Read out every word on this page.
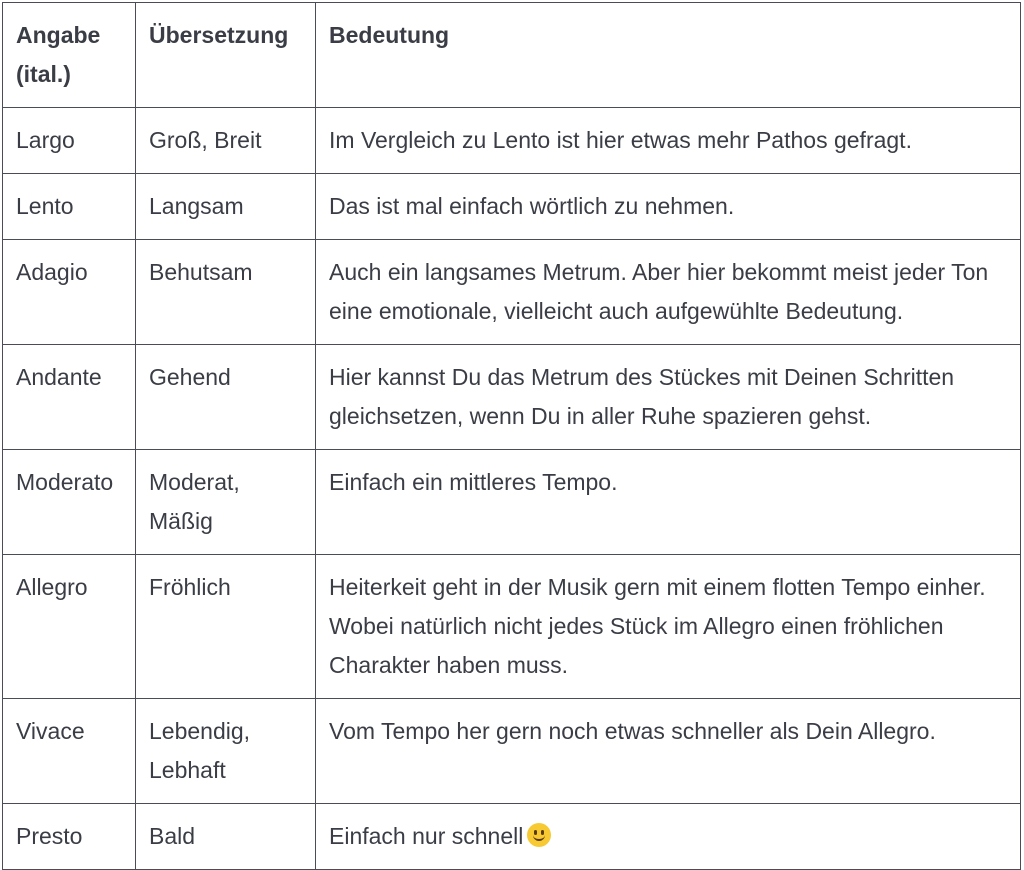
Angabe (ital.)	Übersetzung	Bedeutung
Largo	Groß, Breit	Im Vergleich zu Lento ist hier etwas mehr Pathos gefragt.
Lento	Langsam	Das ist mal einfach wörtlich zu nehmen.
Adagio	Behutsam	Auch ein langsames Metrum. Aber hier bekommt meist jeder Ton eine emotionale, vielleicht auch aufgewühlte Bedeutung.
Andante	Gehend	Hier kannst Du das Metrum des Stückes mit Deinen Schritten gleichsetzen, wenn Du in aller Ruhe spazieren gehst.
Moderato	Moderat, Mäßig	Einfach ein mittleres Tempo.
Allegro	Fröhlich	Heiterkeit geht in der Musik gern mit einem flotten Tempo einher. Wobei natürlich nicht jedes Stück im Allegro einen fröhlichen Charakter haben muss.
Vivace	Lebendig, Lebhaft	Vom Tempo her gern noch etwas schneller als Dein Allegro.
Presto	Bald	Einfach nur schnell
